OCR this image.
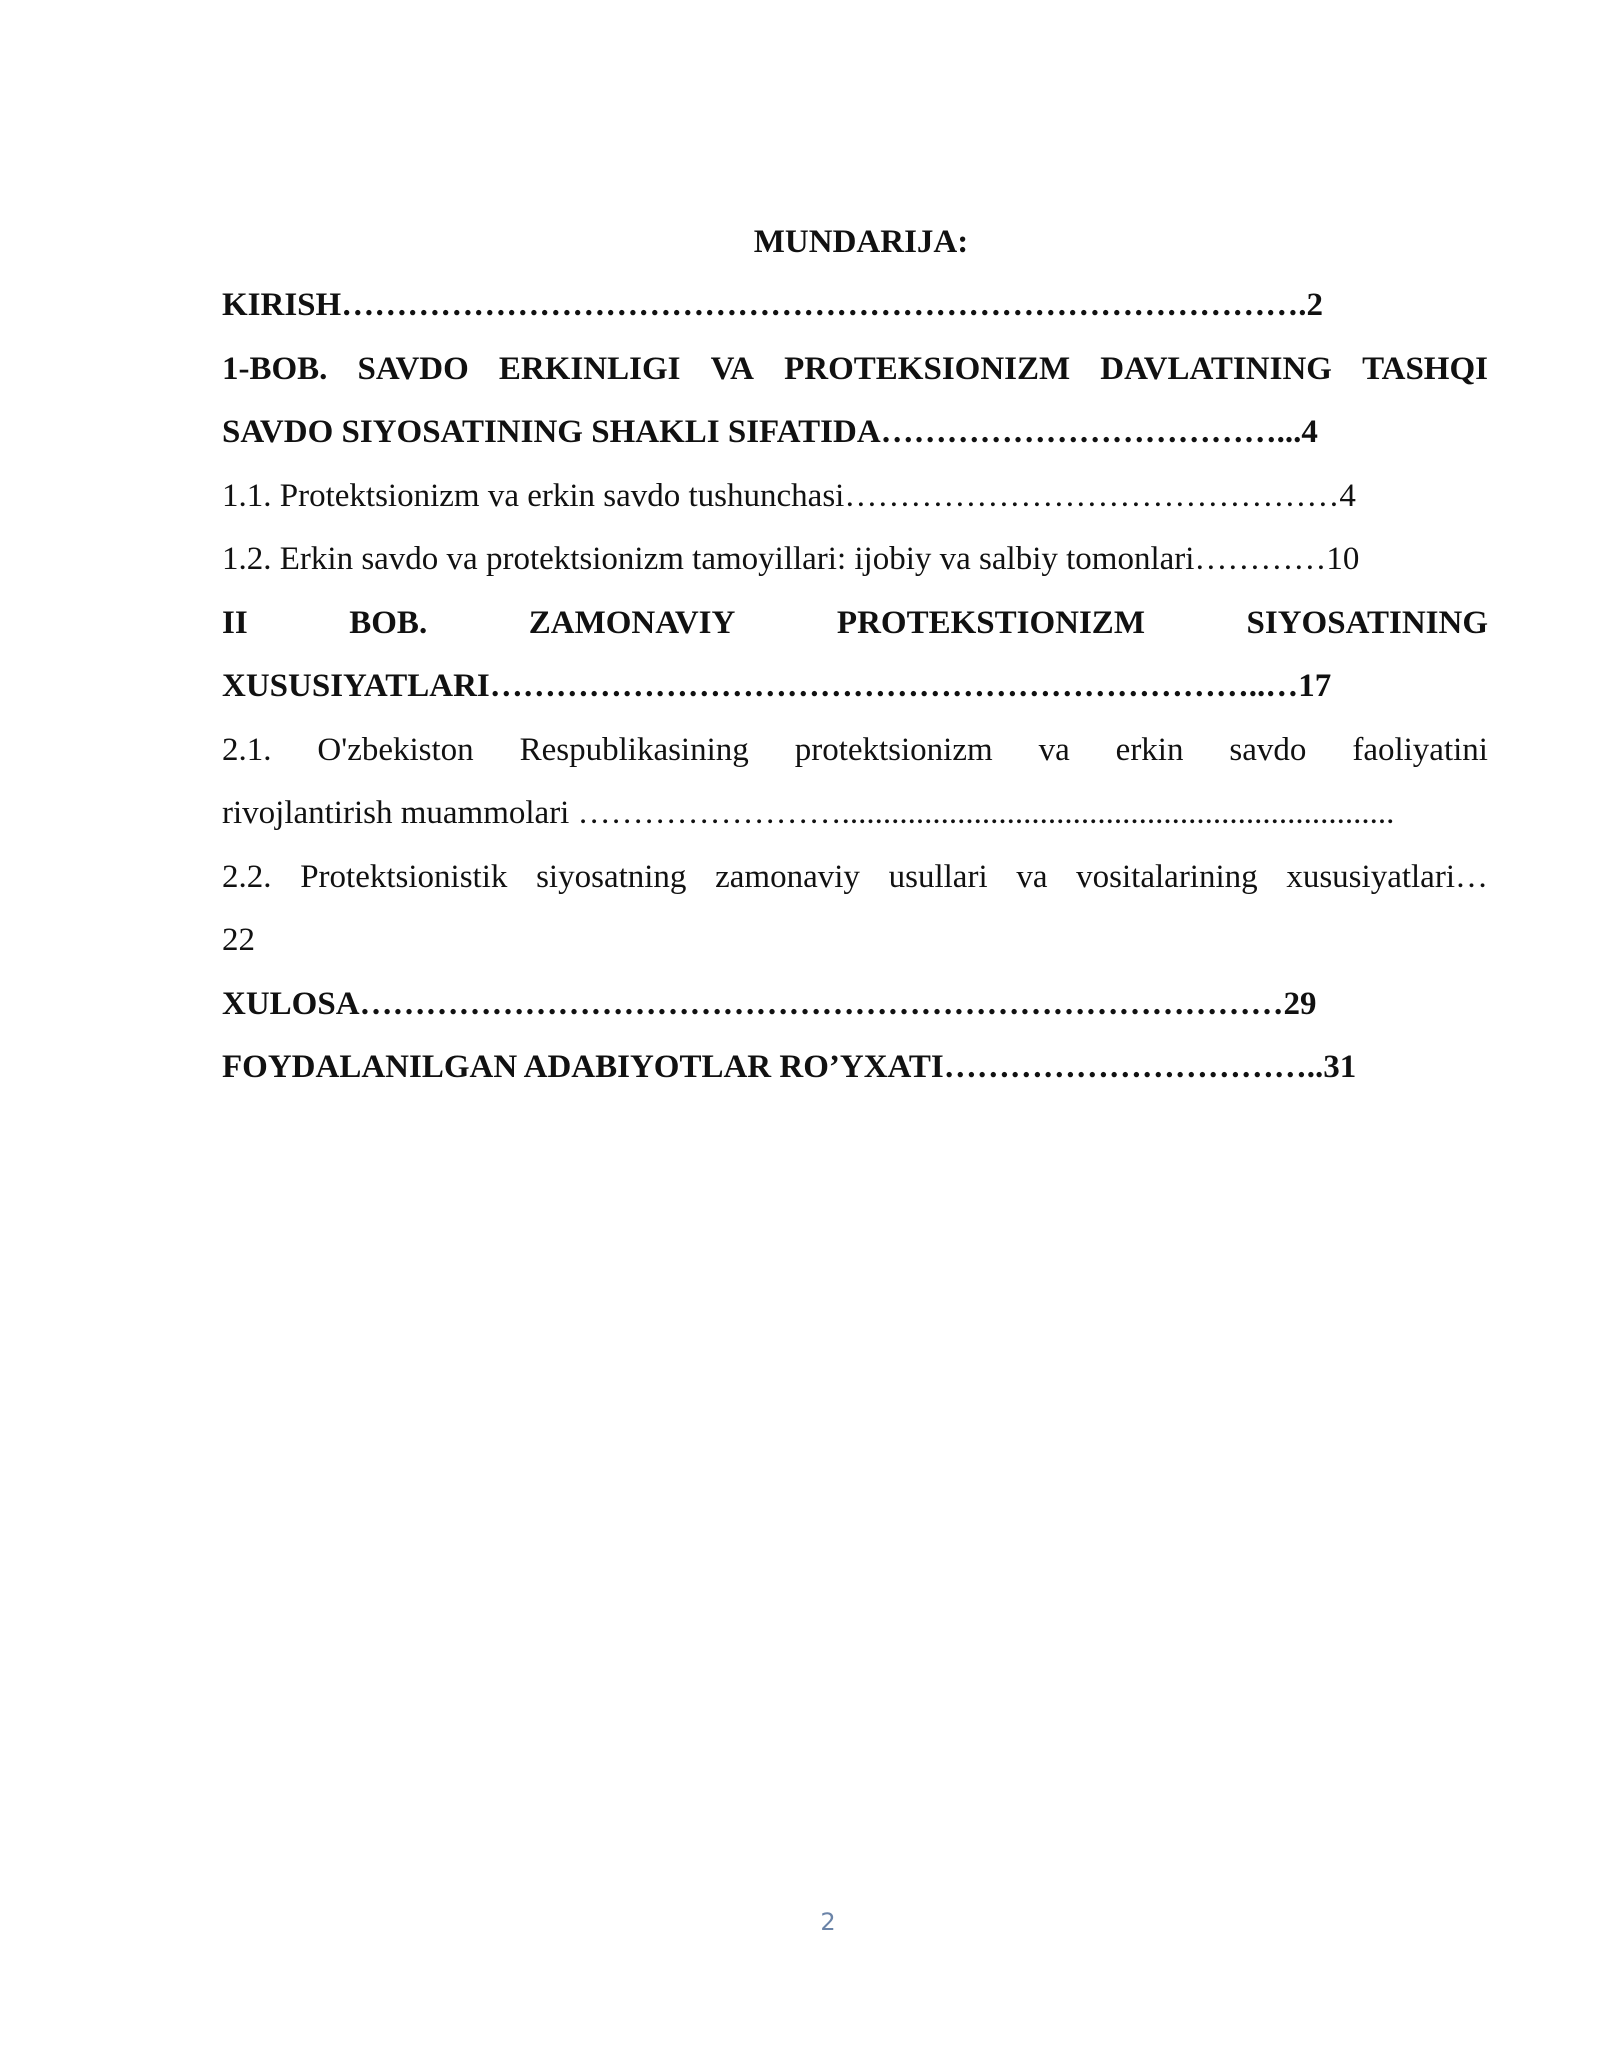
MUNDARIJA:
KIRISH…………………………………………………………………………….2
1-BOB. SAVDO ERKINLIGI VA PROTEKSIONIZM DAVLATINING TASHQI
SAVDO SIYOSATINING SHAKLI SIFATIDA………………………………...4
1.1. Protektsionizm va erkin savdo tushunchasi………………………………………4
1.2. Erkin savdo va protektsionizm tamoyillari: ijobiy va salbiy tomonlari…………10
II	BOB.	ZAMONAVIY	PROTEKSTIONIZM	SIYOSATINING
XUSUSIYATLARI……………………………………………………………..…17
2.1. O'zbekiston Respublikasining protektsionizm va erkin savdo faoliyatini
rivojlantirish muammolari ……………………...................................................................
2.2. Protektsionistik siyosatning zamonaviy usullari va vositalarining xususiyatlari…
22
XULOSA…………………………………………………………………………29
FOYDALANILGAN ADABIYOTLAR RO’YXATI……………………………..31
2
